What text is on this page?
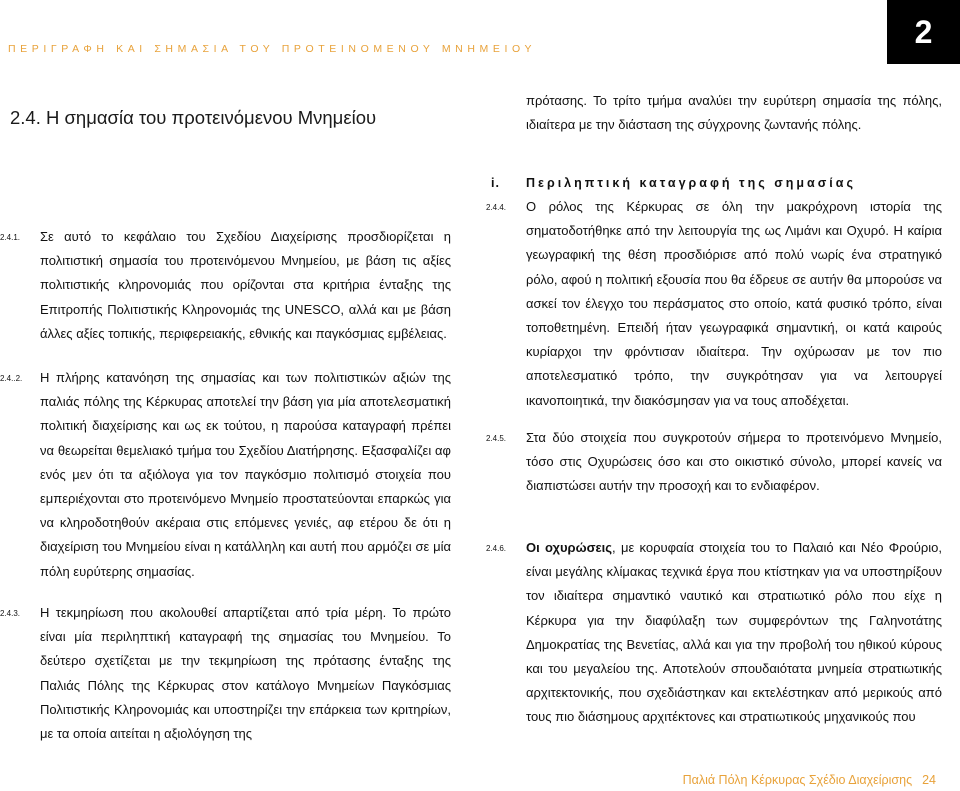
ΠΕΡΙΓΡΑΦΗ ΚΑΙ ΣΗΜΑΣΙΑ ΤΟΥ ΠΡΟΤΕΙΝΟΜΕΝΟΥ ΜΝΗΜΕΙΟΥ	2
2.4. Η σημασία του προτεινόμενου Μνημείου
2.4.1. Σε αυτό το κεφάλαιο του Σχεδίου Διαχείρισης προσδιορίζεται η πολιτιστική σημασία του προτεινόμενου Μνημείου, με βάση τις αξίες πολιτιστικής κληρονομιάς που ορίζονται στα κριτήρια ένταξης της Επιτροπής Πολιτιστικής Κληρονομιάς της UNESCO, αλλά και με βάση άλλες αξίες τοπικής, περιφερειακής, εθνικής και παγκόσμιας εμβέλειας.
2.4..2. Η πλήρης κατανόηση της σημασίας και των πολιτιστικών αξιών της παλιάς πόλης της Κέρκυρας αποτελεί την βάση για μία αποτελεσματική πολιτική διαχείρισης και ως εκ τούτου, η παρούσα καταγραφή πρέπει να θεωρείται θεμελιακό τμήμα του Σχεδίου Διατήρησης. Εξασφαλίζει αφ ενός μεν ότι τα αξιόλογα για τον παγκόσμιο πολιτισμό στοιχεία που εμπεριέχονται στο προτεινόμενο Μνημείο προστατεύονται επαρκώς για να κληροδοτηθούν ακέραια στις επόμενες γενιές, αφ ετέρου δε ότι η διαχείριση του Μνημείου είναι η κατάλληλη και αυτή που αρμόζει σε μία πόλη ευρύτερης σημασίας.
2.4.3. Η τεκμηρίωση που ακολουθεί απαρτίζεται από τρία μέρη. Το πρώτο είναι μία περιληπτική καταγραφή της σημασίας του Μνημείου. Το δεύτερο σχετίζεται με την τεκμηρίωση της πρότασης ένταξης της Παλιάς Πόλης της Κέρκυρας στον κατάλογο Μνημείων Παγκόσμιας Πολιτιστικής Κληρονομιάς και υποστηρίζει την επάρκεια των κριτηρίων, με τα οποία αιτείται η αξιολόγηση της
πρότασης. Το τρίτο τμήμα αναλύει την ευρύτερη σημασία της πόλης, ιδιαίτερα με την διάσταση της σύγχρονης ζωντανής πόλης.
i. Περιληπτική καταγραφή της σημασίας
2.4.4. Ο ρόλος της Κέρκυρας σε όλη την μακρόχρονη ιστορία της σηματοδοτήθηκε από την λειτουργία της ως Λιμάνι και Οχυρό. Η καίρια γεωγραφική της θέση προσδιόρισε από πολύ νωρίς ένα στρατηγικό ρόλο, αφού η πολιτική εξουσία που θα έδρευε σε αυτήν θα μπορούσε να ασκεί τον έλεγχο του περάσματος στο οποίο, κατά φυσικό τρόπο, είναι τοποθετημένη. Επειδή ήταν γεωγραφικά σημαντική, οι κατά καιρούς κυρίαρχοι την φρόντισαν ιδιαίτερα. Την οχύρωσαν με τον πιο αποτελεσματικό τρόπο, την συγκρότησαν για να λειτουργεί ικανοποιητικά, την διακόσμησαν για να τους αποδέχεται.
2.4.5. Στα δύο στοιχεία που συγκροτούν σήμερα το προτεινόμενο Μνημείο, τόσο στις Οχυρώσεις όσο και στο οικιστικό σύνολο, μπορεί κανείς να διαπιστώσει αυτήν την προσοχή και το ενδιαφέρον.
2.4.6. Οι οχυρώσεις, με κορυφαία στοιχεία του το Παλαιό και Νέο Φρούριο, είναι μεγάλης κλίμακας τεχνικά έργα που κτίστηκαν για να υποστηρίξουν τον ιδιαίτερα σημαντικό ναυτικό και στρατιωτικό ρόλο που είχε η Κέρκυρα για την διαφύλαξη των συμφερόντων της Γαληνοτάτης Δημοκρατίας της Βενετίας, αλλά και για την προβολή του ηθικού κύρους και του μεγαλείου της. Αποτελούν σπουδαιότατα μνημεία στρατιωτικής αρχιτεκτονικής, που σχεδιάστηκαν και εκτελέστηκαν από μερικούς από τους πιο διάσημους αρχιτέκτονες και στρατιωτικούς μηχανικούς που
Παλιά Πόλη Κέρκυρας Σχέδιο Διαχείρισης 24
